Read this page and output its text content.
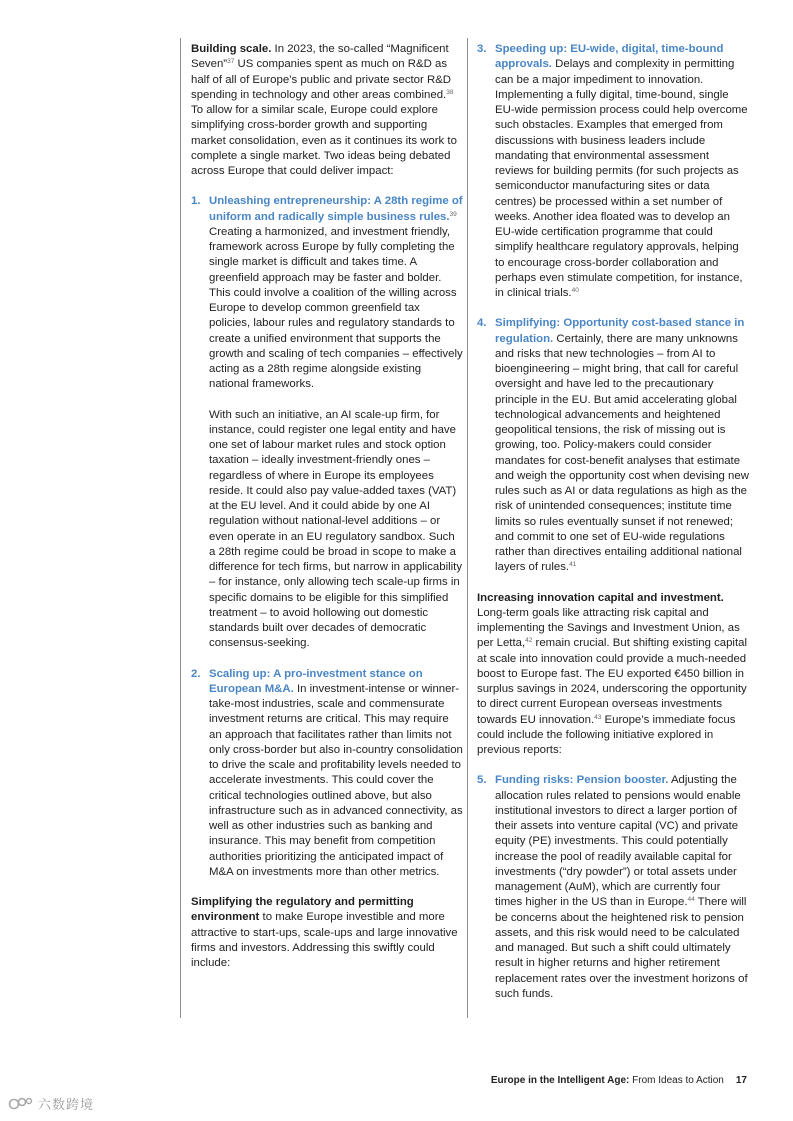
Building scale. In 2023, the so-called “Magnificent Seven”$^{37}$ US companies spent as much on R&D as half of all of Europe’s public and private sector R&D spending in technology and other areas combined.$^{38}$ To allow for a similar scale, Europe could explore simplifying cross-border growth and supporting market consolidation, even as it continues its work to complete a single market. Two ideas being debated across Europe that could deliver impact:

1. Unleashing entrepreneurship: A 28th regime of uniform and radically simple business rules.$^{39}$ Creating a harmonized, and investment friendly, framework across Europe by fully completing the single market is difficult and takes time. A greenfield approach may be faster and bolder. This could involve a coalition of the willing across Europe to develop common greenfield tax policies, labour rules and regulatory standards to create a unified environment that supports the growth and scaling of tech companies – effectively acting as a 28th regime alongside existing national frameworks.

With such an initiative, an AI scale-up firm, for instance, could register one legal entity and have one set of labour market rules and stock option taxation – ideally investment-friendly ones – regardless of where in Europe its employees reside. It could also pay value-added taxes (VAT) at the EU level. And it could abide by one AI regulation without national-level additions – or even operate in an EU regulatory sandbox. Such a 28th regime could be broad in scope to make a difference for tech firms, but narrow in applicability – for instance, only allowing tech scale-up firms in specific domains to be eligible for this simplified treatment – to avoid hollowing out domestic standards built over decades of democratic consensus-seeking.

2. Scaling up: A pro-investment stance on European M&A. In investment-intense or winner-take-most industries, scale and commensurate investment returns are critical. This may require an approach that facilitates rather than limits not only cross-border but also in-country consolidation to drive the scale and profitability levels needed to accelerate investments. This could cover the critical technologies outlined above, but also infrastructure such as in advanced connectivity, as well as other industries such as banking and insurance. This may benefit from competition authorities prioritizing the anticipated impact of M&A on investments more than other metrics.

Simplifying the regulatory and permitting environment to make Europe investible and more attractive to start-ups, scale-ups and large innovative firms and investors. Addressing this swiftly could include:

3. Speeding up: EU-wide, digital, time-bound approvals. Delays and complexity in permitting can be a major impediment to innovation. Implementing a fully digital, time-bound, single EU-wide permission process could help overcome such obstacles. Examples that emerged from discussions with business leaders include mandating that environmental assessment reviews for building permits (for such projects as semiconductor manufacturing sites or data centres) be processed within a set number of weeks. Another idea floated was to develop an EU-wide certification programme that could simplify healthcare regulatory approvals, helping to encourage cross-border collaboration and perhaps even stimulate competition, for instance, in clinical trials.$^{40}$

4. Simplifying: Opportunity cost-based stance in regulation. Certainly, there are many unknowns and risks that new technologies – from AI to bioengineering – might bring, that call for careful oversight and have led to the precautionary principle in the EU. But amid accelerating global technological advancements and heightened geopolitical tensions, the risk of missing out is growing, too. Policy-makers could consider mandates for cost-benefit analyses that estimate and weigh the opportunity cost when devising new rules such as AI or data regulations as high as the risk of unintended consequences; institute time limits so rules eventually sunset if not renewed; and commit to one set of EU-wide regulations rather than directives entailing additional national layers of rules.$^{41}$

Increasing innovation capital and investment. Long-term goals like attracting risk capital and implementing the Savings and Investment Union, as per Letta,$^{42}$ remain crucial. But shifting existing capital at scale into innovation could provide a much-needed boost to Europe fast. The EU exported €450 billion in surplus savings in 2024, underscoring the opportunity to direct current European overseas investments towards EU innovation.$^{43}$ Europe’s immediate focus could include the following initiative explored in previous reports:

5. Funding risks: Pension booster. Adjusting the allocation rules related to pensions would enable institutional investors to direct a larger portion of their assets into venture capital (VC) and private equity (PE) investments. This could potentially increase the pool of readily available capital for investments (“dry powder”) or total assets under management (AuM), which are currently four times higher in the US than in Europe.$^{44}$ There will be concerns about the heightened risk to pension assets, and this risk would need to be calculated and managed. But such a shift could ultimately result in higher returns and higher retirement replacement rates over the investment horizons of such funds.

Europe in the Intelligent Age: From Ideas to Action 17
六数跨境
